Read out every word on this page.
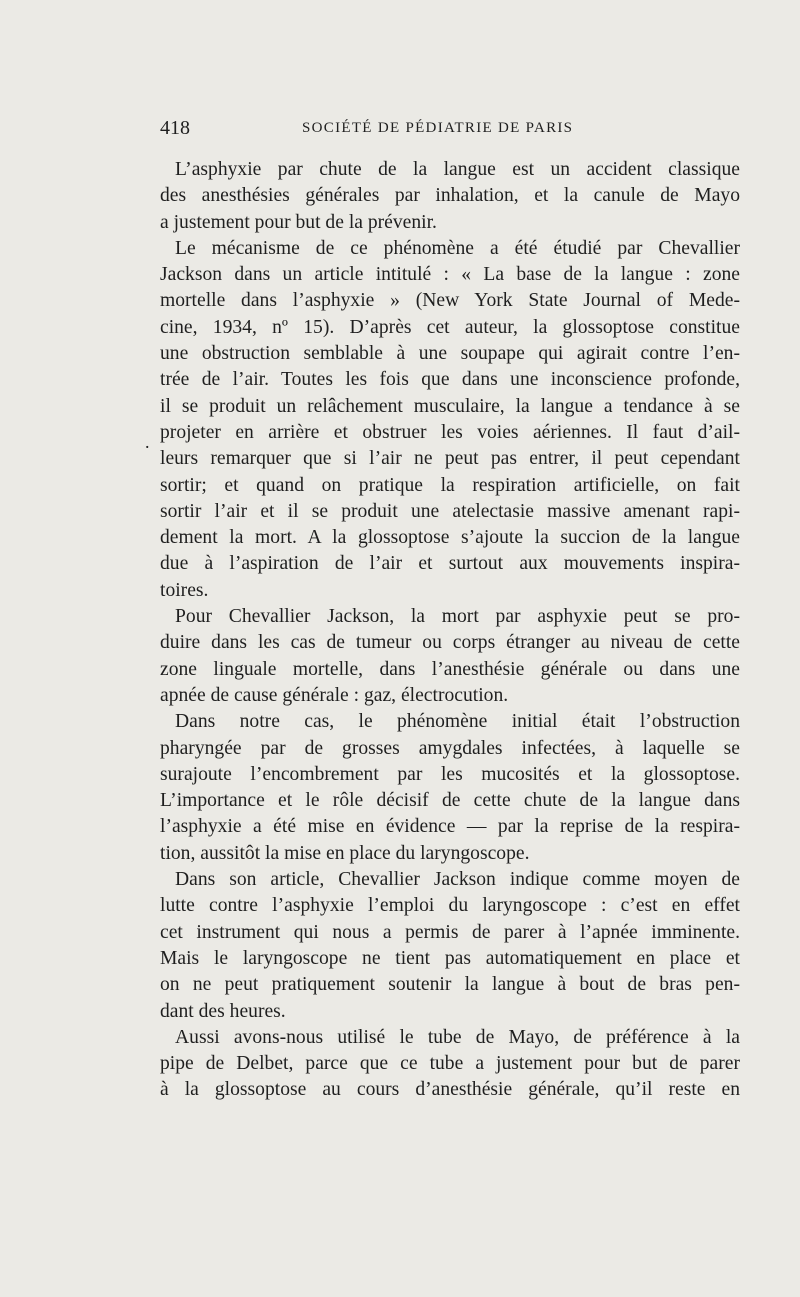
418	SOCIÉTÉ DE PÉDIATRIE DE PARIS
.
L’asphyxie par chute de la langue est un accident classique
des anesthésies générales par inhalation, et la canule de Mayo
a justement pour but de la prévenir.
Le mécanisme de ce phénomène a été étudié par Chevallier
Jackson dans un article intitulé : « La base de la langue : zone
mortelle dans l’asphyxie » (New York State Journal of Mede-
cine, 1934, nº 15). D’après cet auteur, la glossoptose constitue
une obstruction semblable à une soupape qui agirait contre l’en-
trée de l’air. Toutes les fois que dans une inconscience profonde,
il se produit un relâchement musculaire, la langue a tendance à se
projeter en arrière et obstruer les voies aériennes. Il faut d’ail-
leurs remarquer que si l’air ne peut pas entrer, il peut cependant
sortir; et quand on pratique la respiration artificielle, on fait
sortir l’air et il se produit une atelectasie massive amenant rapi-
dement la mort. A la glossoptose s’ajoute la succion de la langue
due à l’aspiration de l’air et surtout aux mouvements inspira-
toires.
Pour Chevallier Jackson, la mort par asphyxie peut se pro-
duire dans les cas de tumeur ou corps étranger au niveau de cette
zone linguale mortelle, dans l’anesthésie générale ou dans une
apnée de cause générale : gaz, électrocution.
Dans notre cas, le phénomène initial était l’obstruction
pharyngée par de grosses amygdales infectées, à laquelle se
surajoute l’encombrement par les mucosités et la glossoptose.
L’importance et le rôle décisif de cette chute de la langue dans
l’asphyxie a été mise en évidence — par la reprise de la respira-
tion, aussitôt la mise en place du laryngoscope.
Dans son article, Chevallier Jackson indique comme moyen de
lutte contre l’asphyxie l’emploi du laryngoscope : c’est en effet
cet instrument qui nous a permis de parer à l’apnée imminente.
Mais le laryngoscope ne tient pas automatiquement en place et
on ne peut pratiquement soutenir la langue à bout de bras pen-
dant des heures.
Aussi avons-nous utilisé le tube de Mayo, de préférence à la
pipe de Delbet, parce que ce tube a justement pour but de parer
à la glossoptose au cours d’anesthésie générale, qu’il reste en
